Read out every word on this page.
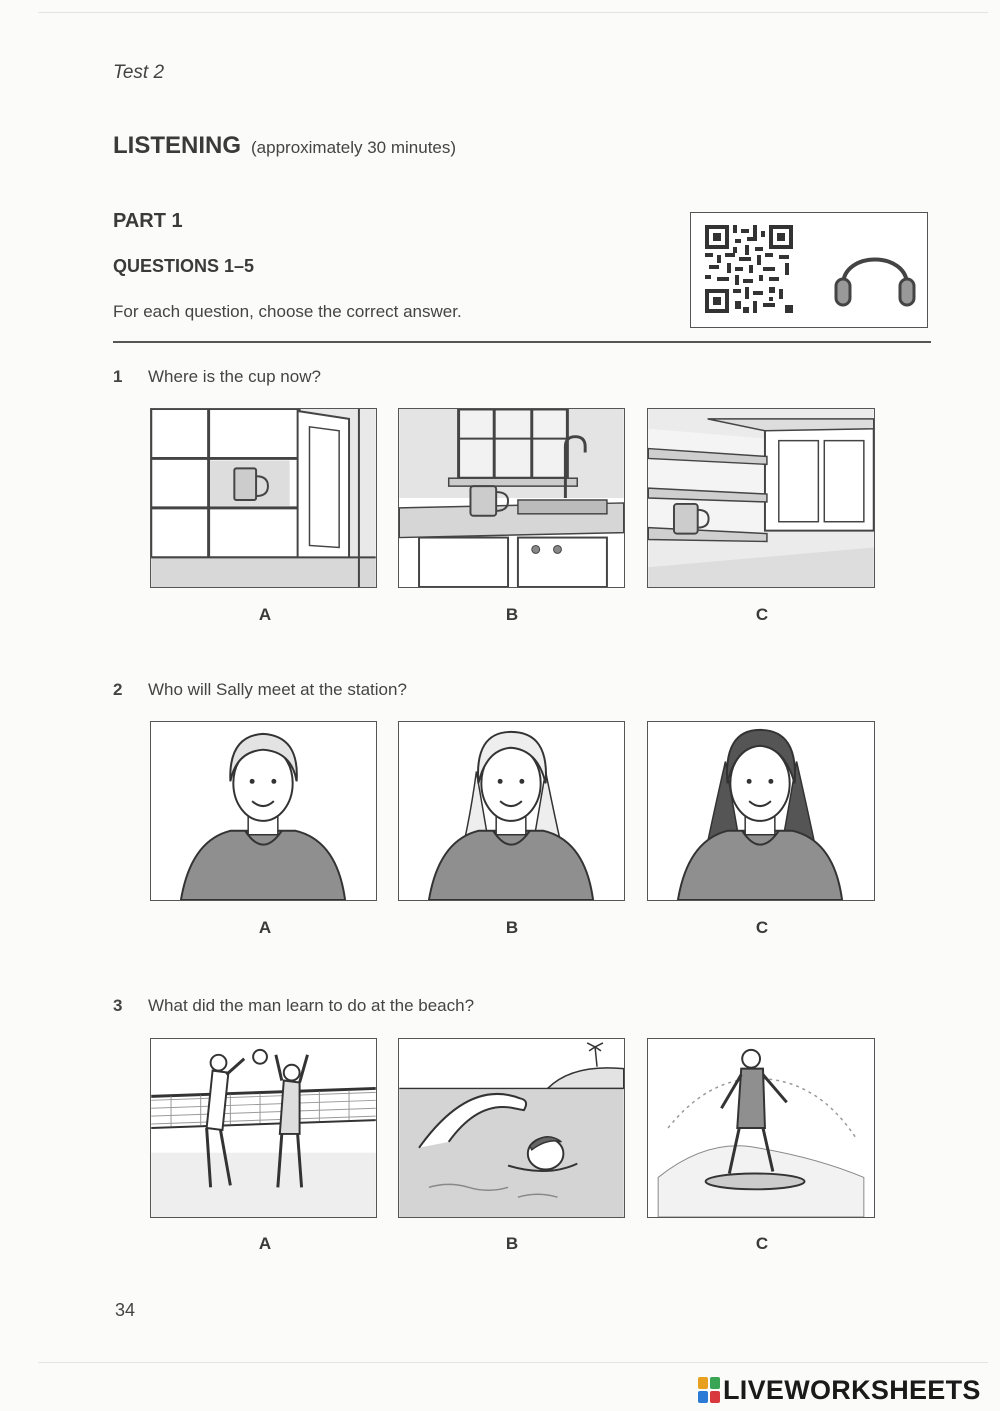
Test 2
LISTENING (approximately 30 minutes)
PART 1
QUESTIONS 1–5
For each question, choose the correct answer.
1 Where is the cup now?
A	B	C
2 Who will Sally meet at the station?
A	B	C
3 What did the man learn to do at the beach?
A	B	C
34
LIVEWORKSHEETS
